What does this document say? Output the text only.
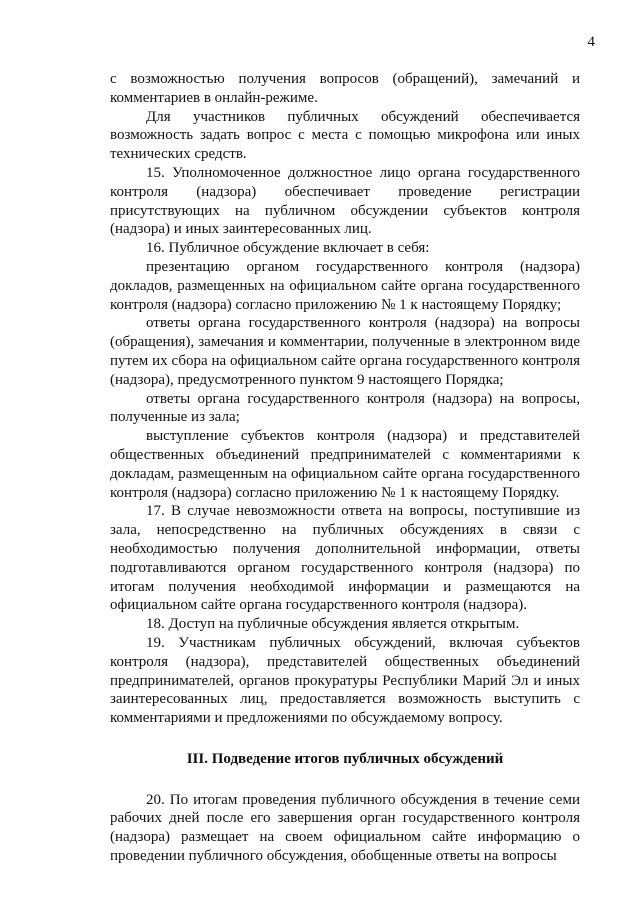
4

с возможностью получения вопросов (обращений), замечаний и комментариев в онлайн-режиме.

Для участников публичных обсуждений обеспечивается возможность задать вопрос с места с помощью микрофона или иных технических средств.

15. Уполномоченное должностное лицо органа государственного контроля (надзора) обеспечивает проведение регистрации присутствующих на публичном обсуждении субъектов контроля (надзора) и иных заинтересованных лиц.

16. Публичное обсуждение включает в себя:

презентацию органом государственного контроля (надзора) докладов, размещенных на официальном сайте органа государственного контроля (надзора) согласно приложению № 1 к настоящему Порядку;

ответы органа государственного контроля (надзора) на вопросы (обращения), замечания и комментарии, полученные в электронном виде путем их сбора на официальном сайте органа государственного контроля (надзора), предусмотренного пунктом 9 настоящего Порядка;

ответы органа государственного контроля (надзора) на вопросы, полученные из зала;

выступление субъектов контроля (надзора) и представителей общественных объединений предпринимателей с комментариями к докладам, размещенным на официальном сайте органа государственного контроля (надзора) согласно приложению № 1 к настоящему Порядку.

17. В случае невозможности ответа на вопросы, поступившие из зала, непосредственно на публичных обсуждениях в связи с необходимостью получения дополнительной информации, ответы подготавливаются органом государственного контроля (надзора) по итогам получения необходимой информации и размещаются на официальном сайте органа государственного контроля (надзора).

18. Доступ на публичные обсуждения является открытым.

19. Участникам публичных обсуждений, включая субъектов контроля (надзора), представителей общественных объединений предпринимателей, органов прокуратуры Республики Марий Эл и иных заинтересованных лиц, предоставляется возможность выступить с комментариями и предложениями по обсуждаемому вопросу.

III. Подведение итогов публичных обсуждений

20. По итогам проведения публичного обсуждения в течение семи рабочих дней после его завершения орган государственного контроля (надзора) размещает на своем официальном сайте информацию о проведении публичного обсуждения, обобщенные ответы на вопросы
